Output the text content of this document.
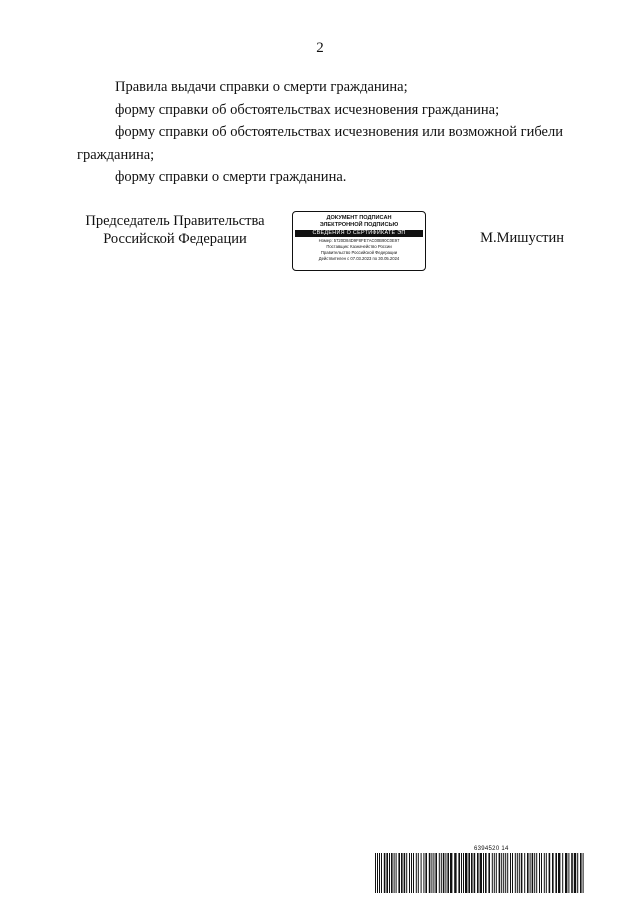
2

Правила выдачи справки о смерти гражданина;

форму справки об обстоятельствах исчезновения гражданина;

форму справки об обстоятельствах исчезновения или возможной гибели гражданина;

форму справки о смерти гражданина.

Председатель Правительства
Российской Федерации
ДОКУМЕНТ ПОДПИСАН
ЭЛЕКТРОННОЙ ПОДПИСЬЮ
СВЕДЕНИЯ О СЕРТИФИКАТЕ ЭП
Номер: 5720D84D9F8FE7AC00B90C0E97
Поставщик: Казначейство России
Правительство Российской Федерации
Действителен с 07.03.2023 по 30.05.2024
М.Мишустин
6394520 14
